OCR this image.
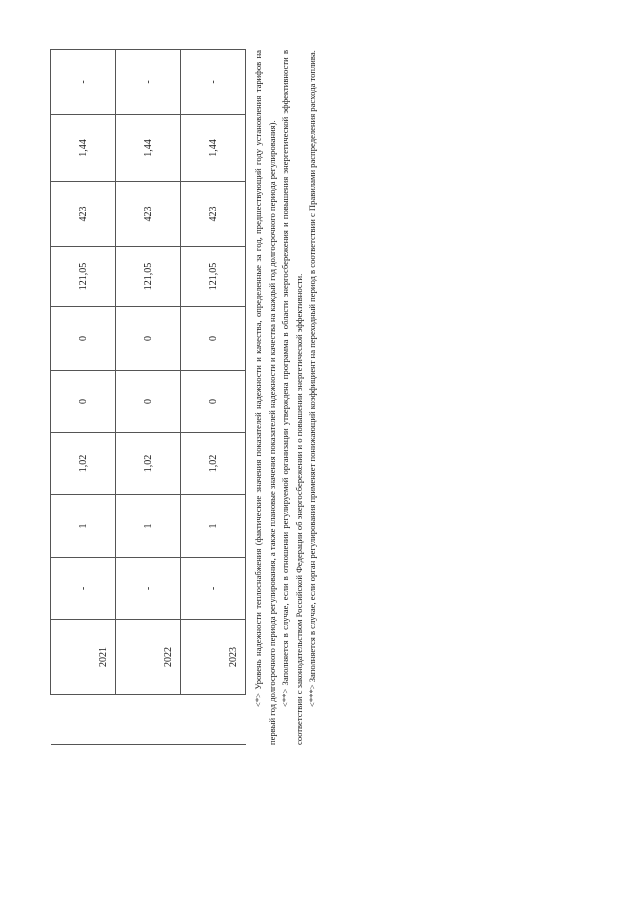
	2021	-	1	1,02	0	0	121,05	423	1,44	-
	2022	-	1	1,02	0	0	121,05	423	1,44	-
	2023	-	1	1,02	0	0	121,05	423	1,44	-	<*> Уровень надежности теплоснабжения (фактические значения показателей надежности и качества, определенные за год, предшествующий году установления тарифов на первый год долгосрочного периода регулирования, а также плановые значения показателей надежности и качества на каждый год долгосрочного периода регулирования). <**> Заполняется в случае, если в отношении регулируемой организации утверждена программа в области энергосбережения и повышения энергетической эффективности в соответствии с законодательством Российской Федерации об энергосбережении и о повышении энергетической эффективности. <***> Заполняется в случае, если орган регулирования применяет понижающий коэффициент на переходный период в соответствии с Правилами распределения расхода топлива.
